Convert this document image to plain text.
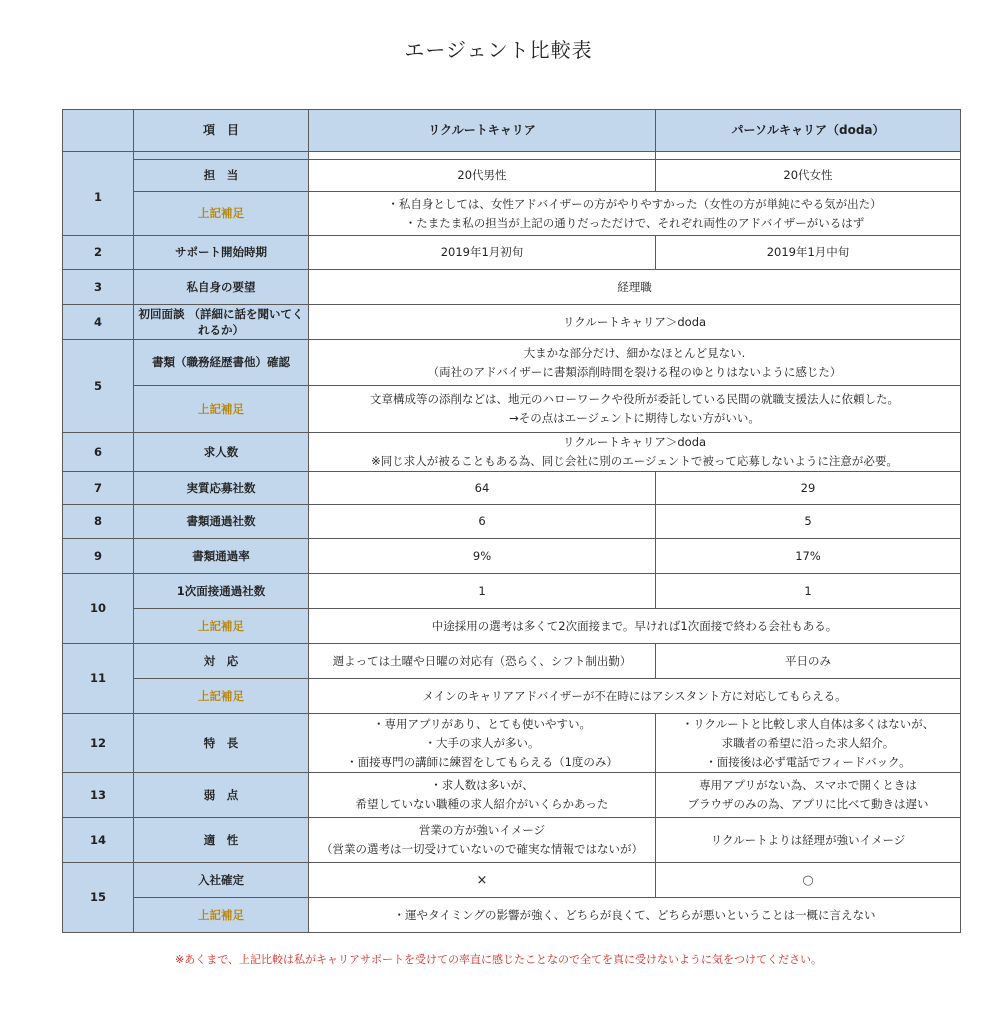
エージェント比較表
	項　目	リクルートキャリア	パーソルキャリア（doda）

1	担　当	20代男性	20代女性
	上記補足	・私自身としては、女性アドバイザーの方がやりやすかった（女性の方が単純にやる気が出た）
・たまたま私の担当が上記の通りだっただけで、それぞれ両性のアドバイザーがいるはず	

2	サポート開始時期	2019年1月初旬	2019年1月中旬
3	私自身の要望	経理職	
4	初回面談 （詳細に話を聞いてくれるか）	リクルートキャリア＞doda	
5	書類（職務経歴書他）確認	大まかな部分だけ、細かなほとんど見ない.
（両社のアドバイザーに書類添削時間を裂ける程のゆとりはないように感じた）	

	上記補足	文章構成等の添削などは、地元のハローワークや役所が委託している民間の就職支援法人に依頼した。
→その点はエージェントに期待しない方がいい。	

6	求人数	リクルートキャリア＞doda
※同じ求人が被ることもある為、同じ会社に別のエージェントで被って応募しないように注意が必要。	

7	実質応募社数	64	29
8	書類通過社数	6	5
9	書類通過率	9%	17%
10	1次面接通過社数	1	1
	上記補足	中途採用の選考は多くて2次面接まで。早ければ1次面接で終わる会社もある。	
11	対　応	週よっては土曜や日曜の対応有（恐らく、シフト制出勤）	平日のみ
	上記補足	メインのキャリアアドバイザーが不在時にはアシスタント方に対応してもらえる。	
12	特　長	・専用アプリがあり、とても使いやすい。
・大手の求人が多い。
・面接専門の講師に練習をしてもらえる（1度のみ）	・リクルートと比較し求人自体は多くはないが、
求職者の希望に沿った求人紹介。
・面接後は必ず電話でフィードバック。

13	弱　点	・求人数は多いが、
希望していない職種の求人紹介がいくらかあった	専用アプリがない為、スマホで開くときは
ブラウザのみの為、アプリに比べて動きは遅い

14	適　性	営業の方が強いイメージ
（営業の選考は一切受けていないので確実な情報ではないが）	リクルートよりは経理が強いイメージ
15	入社確定	×	○
	上記補足	・運やタイミングの影響が強く、どちらが良くて、どちらが悪いということは一概に言えない	
※あくまで、上記比較は私がキャリアサポートを受けての率直に感じたことなので全てを真に受けないように気をつけてください。
